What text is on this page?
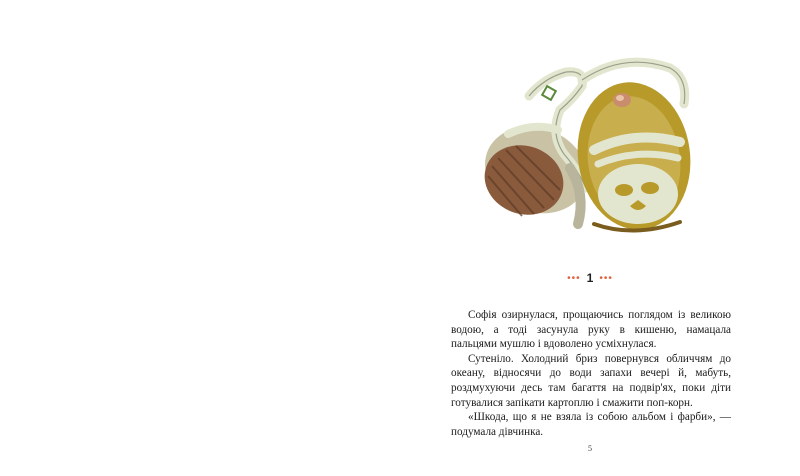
••• 1 •••

Софія озирнулася, прощаючись поглядом із великою водою, а тоді засунула руку в кишеню, намацала пальцями мушлю і вдоволено усміхнулася.

Сутеніло. Холодний бриз повернувся обличчям до океану, відносячи до води запахи вечері й, мабуть, роздмухуючи десь там багаття на подвір'ях, поки діти готувалися запікати картоплю і смажити поп-корн.

«Шкода, що я не взяла із собою альбом і фарби», — подумала дівчинка.

5
